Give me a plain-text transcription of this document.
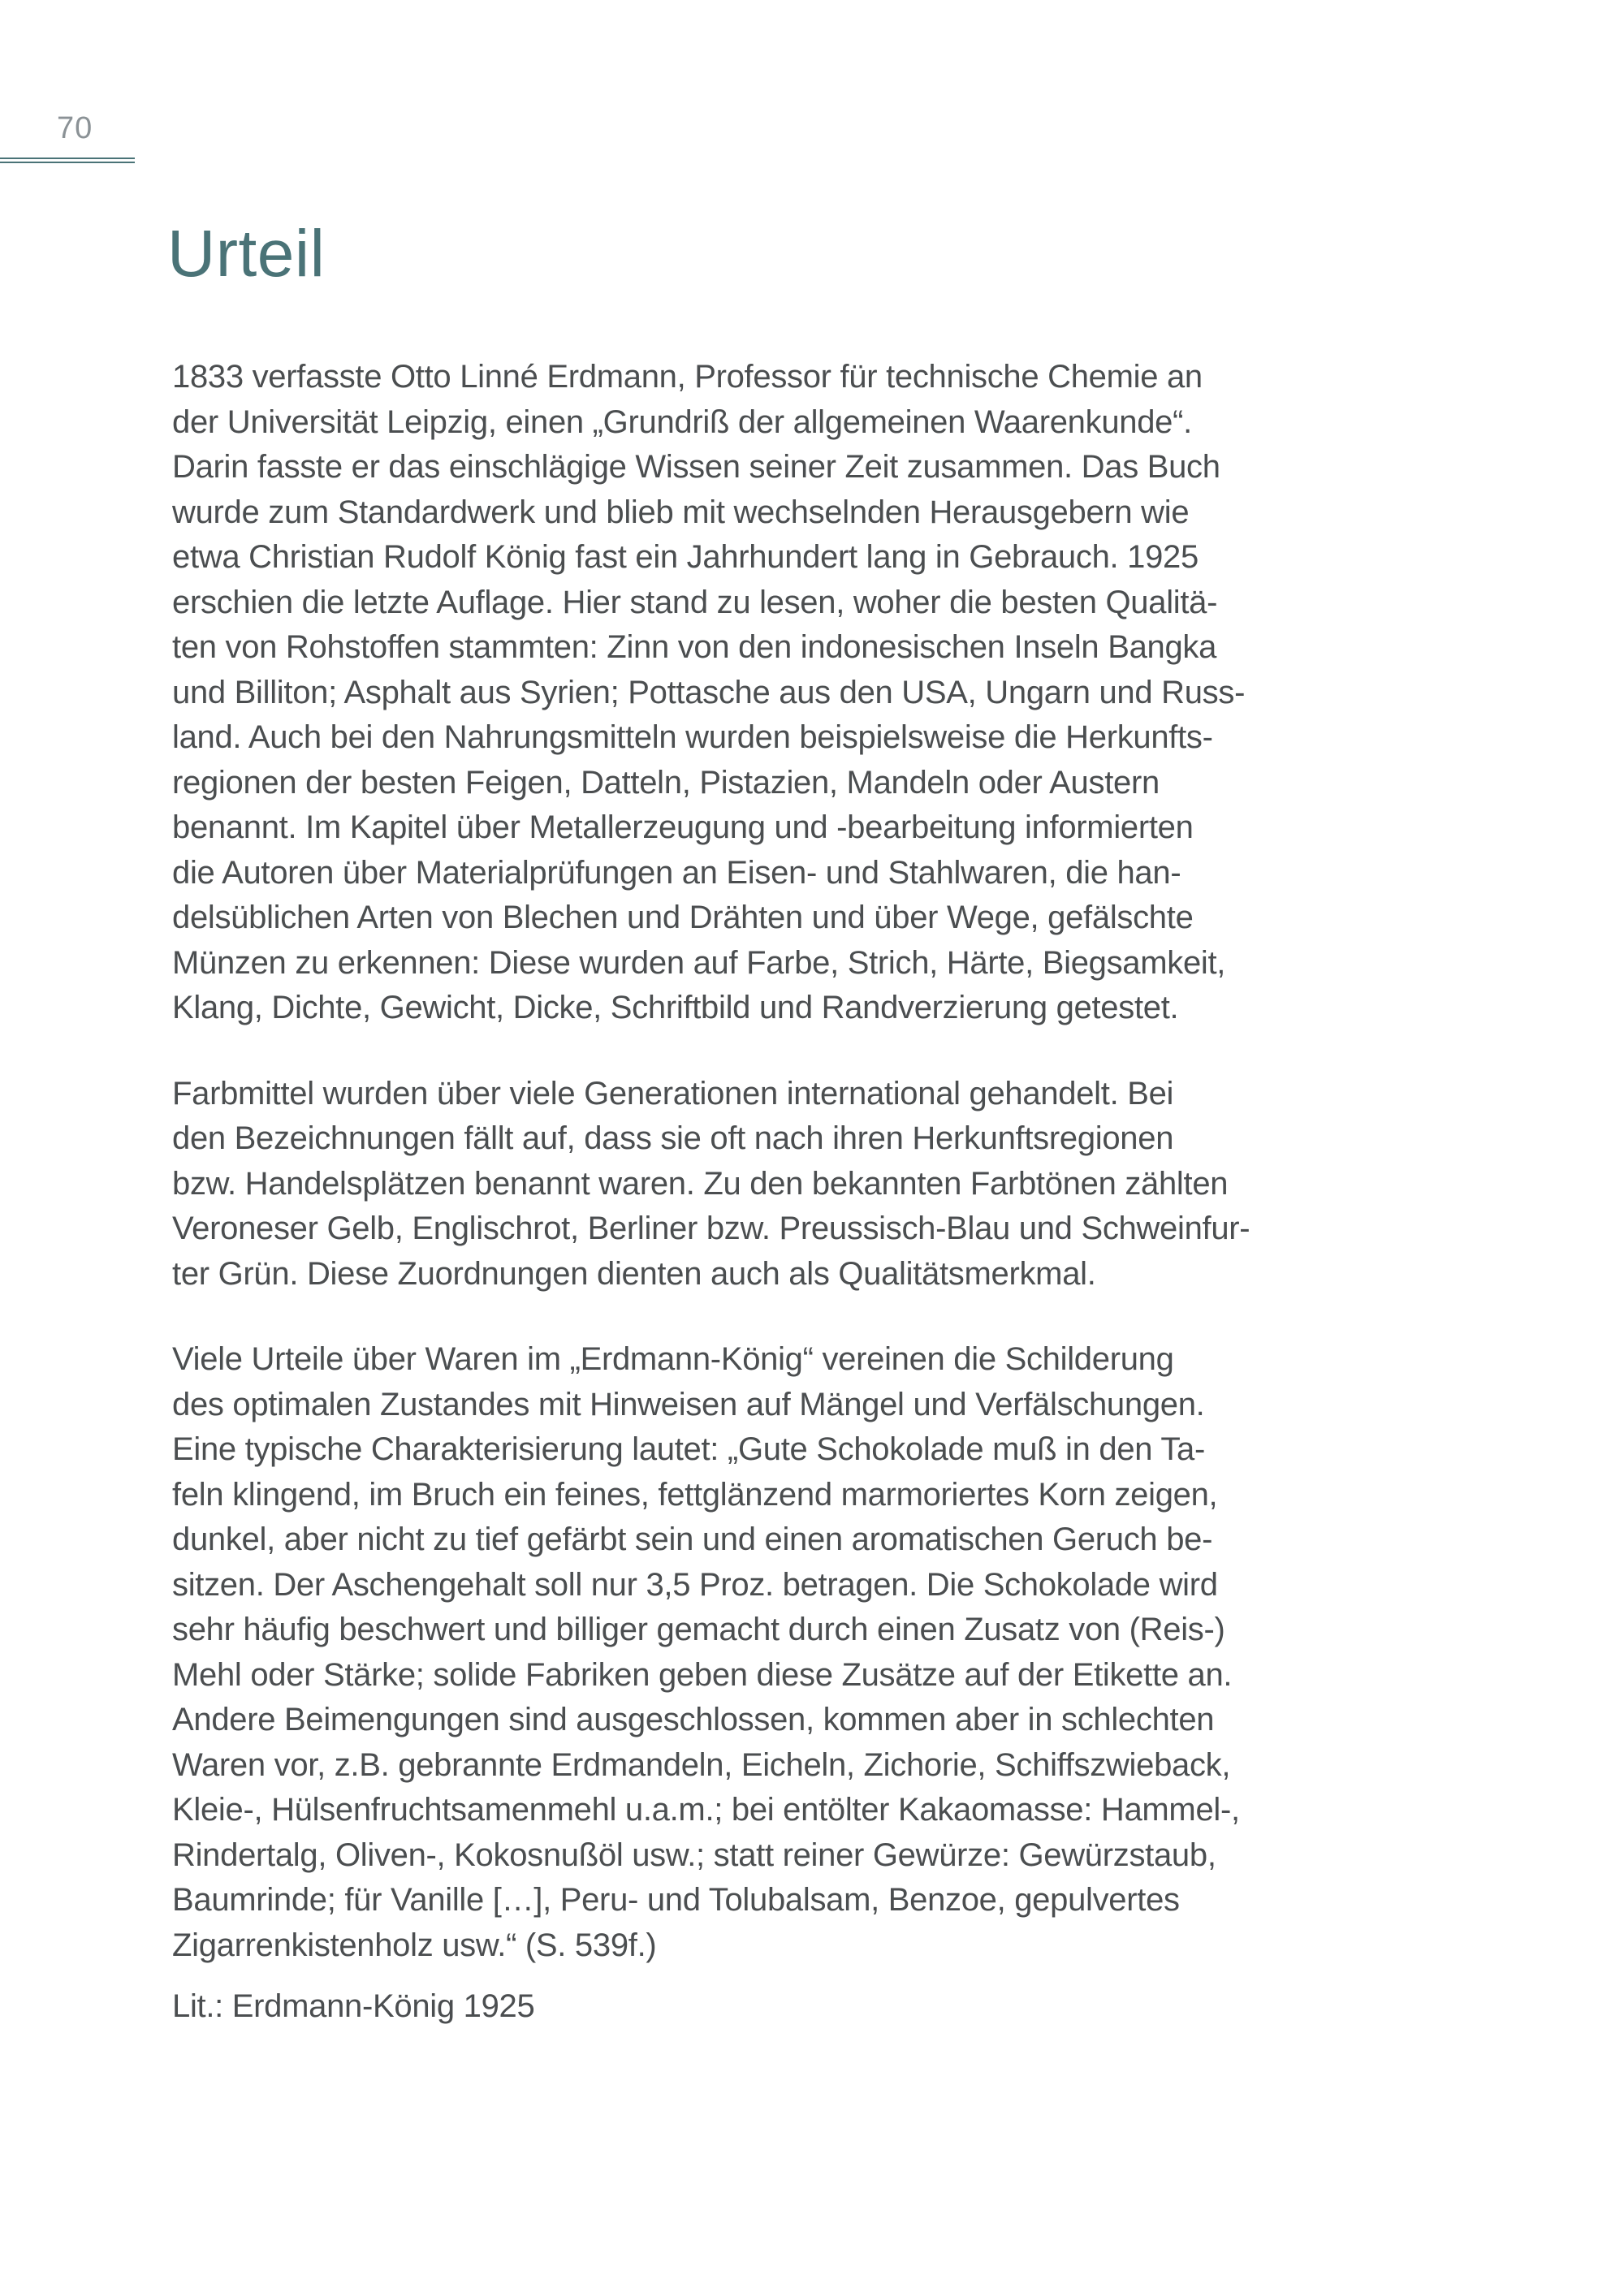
70
Urteil
1833 verfasste Otto Linné Erdmann, Professor für technische Chemie an
der Universität Leipzig, einen „Grundriß der allgemeinen Waarenkunde“.
Darin fasste er das einschlägige Wissen seiner Zeit zusammen. Das Buch
wurde zum Standardwerk und blieb mit wechselnden Herausgebern wie
etwa Christian Rudolf König fast ein Jahrhundert lang in Gebrauch. 1925
erschien die letzte Auflage. Hier stand zu lesen, woher die besten Qualitä-
ten von Rohstoffen stammten: Zinn von den indonesischen Inseln Bangka
und Billiton; Asphalt aus Syrien; Pottasche aus den USA, Ungarn und Russ-
land. Auch bei den Nahrungsmitteln wurden beispielsweise die Herkunfts-
regionen der besten Feigen, Datteln, Pistazien, Mandeln oder Austern
benannt. Im Kapitel über Metallerzeugung und -bearbeitung informierten
die Autoren über Materialprüfungen an Eisen- und Stahlwaren, die han-
delsüblichen Arten von Blechen und Drähten und über Wege, gefälschte
Münzen zu erkennen: Diese wurden auf Farbe, Strich, Härte, Biegsamkeit,
Klang, Dichte, Gewicht, Dicke, Schriftbild und Randverzierung getestet.
Farbmittel wurden über viele Generationen international gehandelt. Bei
den Bezeichnungen fällt auf, dass sie oft nach ihren Herkunftsregionen
bzw. Handelsplätzen benannt waren. Zu den bekannten Farbtönen zählten
Veroneser Gelb, Englischrot, Berliner bzw. Preussisch-Blau und Schweinfur-
ter Grün. Diese Zuordnungen dienten auch als Qualitätsmerkmal.
Viele Urteile über Waren im „Erdmann-König“ vereinen die Schilderung
des optimalen Zustandes mit Hinweisen auf Mängel und Verfälschungen.
Eine typische Charakterisierung lautet: „Gute Schokolade muß in den Ta-
feln klingend, im Bruch ein feines, fettglänzend marmoriertes Korn zeigen,
dunkel, aber nicht zu tief gefärbt sein und einen aromatischen Geruch be-
sitzen. Der Aschengehalt soll nur 3,5 Proz. betragen. Die Schokolade wird
sehr häufig beschwert und billiger gemacht durch einen Zusatz von (Reis-)
Mehl oder Stärke; solide Fabriken geben diese Zusätze auf der Etikette an.
Andere Beimengungen sind ausgeschlossen, kommen aber in schlechten
Waren vor, z.B. gebrannte Erdmandeln, Eicheln, Zichorie, Schiffszwieback,
Kleie-, Hülsenfruchtsamenmehl u.a.m.; bei entölter Kakaomasse: Hammel-,
Rindertalg, Oliven-, Kokosnußöl usw.; statt reiner Gewürze: Gewürzstaub,
Baumrinde; für Vanille […], Peru- und Tolubalsam, Benzoe, gepulvertes
Zigarrenkistenholz usw.“ (S. 539f.)
Lit.: Erdmann-König 1925
